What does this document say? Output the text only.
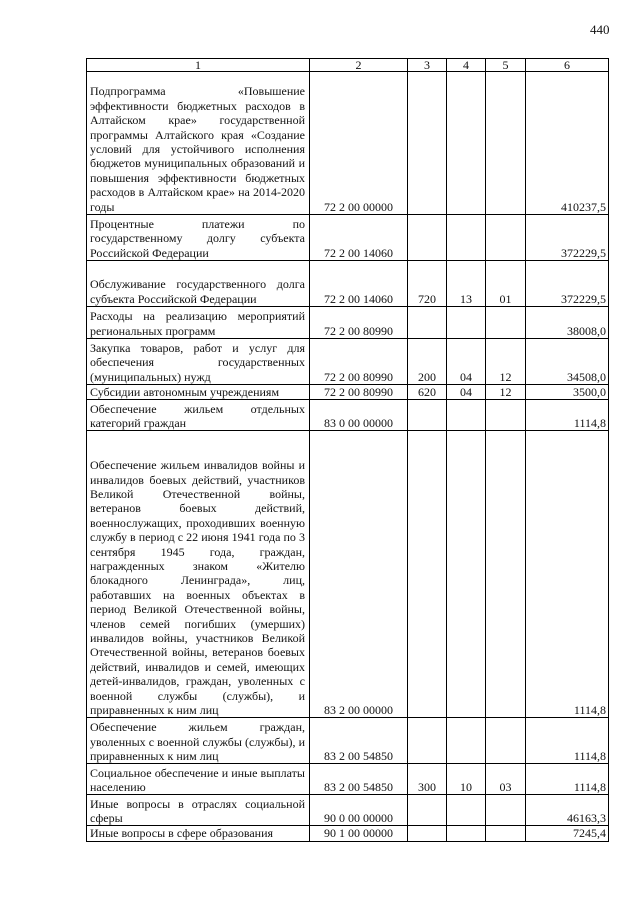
440
1	2	3	4	5	6
Подпрограмма «Повышение эффективности бюджетных расходов в Алтайском крае» государственной программы Алтайского края «Создание условий для устойчивого исполнения бюджетов муниципальных образований и повышения эффективности бюджетных расходов в Алтайском крае» на 2014-2020 годы	72 2 00 00000				410237,5
Процентные платежи по государственному долгу субъекта Российской Федерации	72 2 00 14060				372229,5
Обслуживание государственного долга субъекта Российской Федерации	72 2 00 14060	720	13	01	372229,5
Расходы на реализацию мероприятий региональных программ	72 2 00 80990				38008,0
Закупка товаров, работ и услуг для обеспечения государственных (муниципальных) нужд	72 2 00 80990	200	04	12	34508,0
Субсидии автономным учреждениям	72 2 00 80990	620	04	12	3500,0
Обеспечение жильем отдельных категорий граждан	83 0 00 00000				1114,8
Обеспечение жильем инвалидов войны и инвалидов боевых действий, участников Великой Отечественной войны, ветеранов боевых действий, военнослужащих, проходивших военную службу в период с 22 июня 1941 года по 3 сентября 1945 года, граждан, награжденных знаком «Жителю блокадного Ленинграда», лиц, работавших на военных объектах в период Великой Отечественной войны, членов семей погибших (умерших) инвалидов войны, участников Великой Отечественной войны, ветеранов боевых действий, инвалидов и семей, имеющих детей-инвалидов, граждан, уволенных с военной службы (службы), и приравненных к ним лиц	83 2 00 00000				1114,8
Обеспечение жильем граждан, уволенных с военной службы (службы), и приравненных к ним лиц	83 2 00 54850				1114,8
Социальное обеспечение и иные выплаты населению	83 2 00 54850	300	10	03	1114,8
Иные вопросы в отраслях социальной сферы	90 0 00 00000				46163,3
Иные вопросы в сфере образования	90 1 00 00000				7245,4
